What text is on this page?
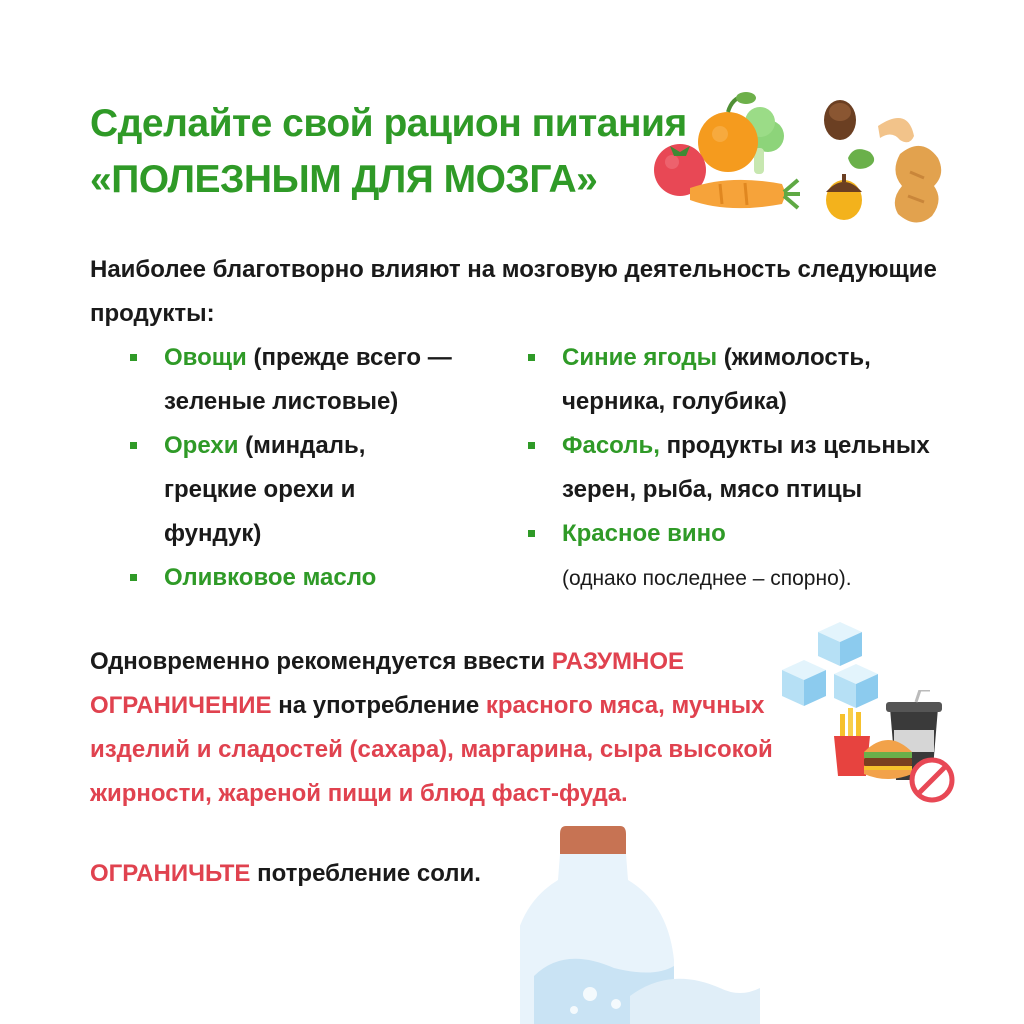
Сделайте свой рацион питания
«ПОЛЕЗНЫМ ДЛЯ МОЗГА»

Наиболее благотворно влияют на мозговую деятельность следующие продукты:

Овощи (прежде всего — зеленые листовые)
Орехи (миндаль, грецкие орехи и фундук)
Оливковое масло
Синие ягоды (жимолость, черника, голубика)
Фасоль, продукты из цельных зерен, рыба, мясо птицы
Красное вино
(однако последнее – спорно).

Одновременно рекомендуется ввести РАЗУМНОЕ ОГРАНИЧЕНИЕ на употребление красного мяса, мучных изделий и сладостей (сахара), маргарина, сыра высокой жирности, жареной пищи и блюд фаст-фуда.

ОГРАНИЧЬТЕ потребление соли.
